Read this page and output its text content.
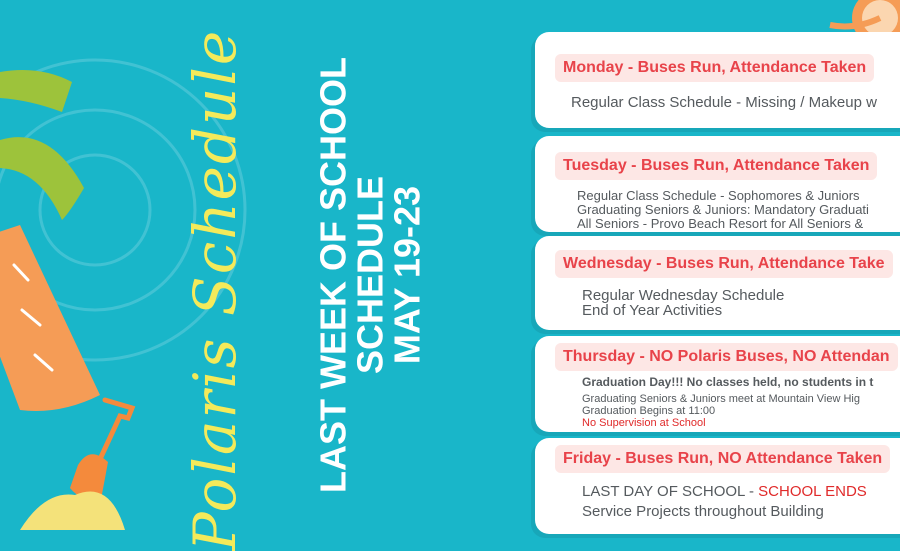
Polaris Schedule LAST WEEK OF SCHOOL
SCHEDULE
MAY 19-23
Monday - Buses Run, Attendance Taken
Regular Class Schedule - Missing / Makeup w
Tuesday - Buses Run, Attendance Taken
Regular Class Schedule - Sophomores & Juniors
Graduating Seniors & Juniors: Mandatory Graduati
All Seniors - Provo Beach Resort for All Seniors &
Wednesday - Buses Run, Attendance Take
Regular Wednesday Schedule
End of Year Activities
Thursday - NO Polaris Buses, NO Attendan
Graduation Day!!! No classes held, no students in t
Graduating Seniors & Juniors meet at Mountain View Hig
Graduation Begins at 11:00
No Supervision at School
Friday - Buses Run, NO Attendance Taken
LAST DAY OF SCHOOL - SCHOOL ENDS
Service Projects throughout Building
